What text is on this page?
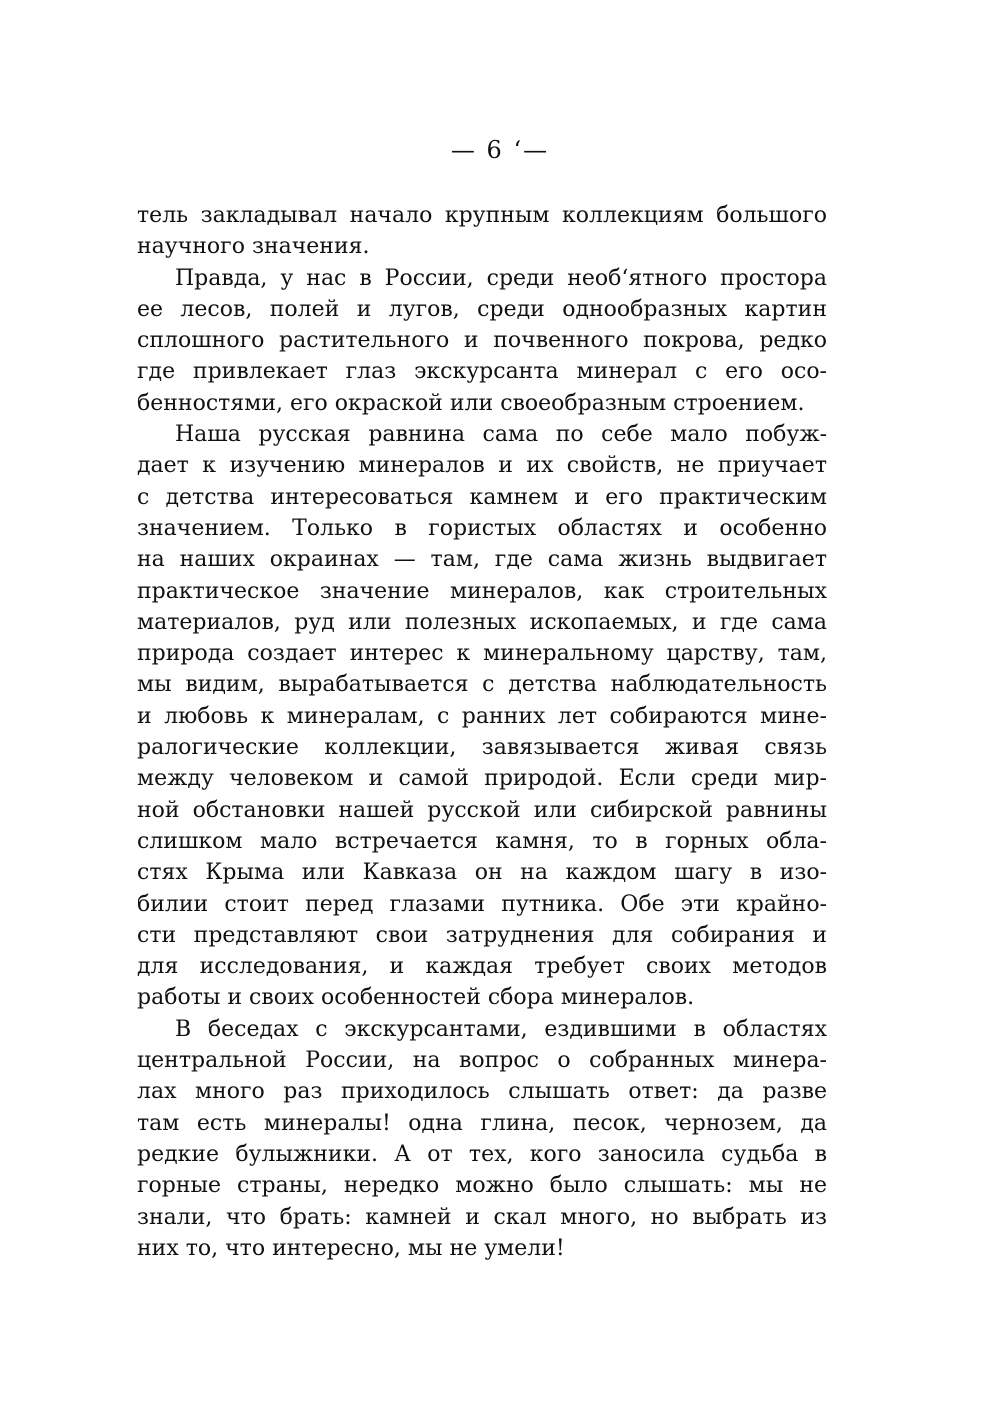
— 6 ‘—
тель закладывал начало крупным коллекциям большого
научного значения.
Правда, у нас в России, среди необ‘ятного простора
ее лесов, полей и лугов, среди однообразных картин
сплошного растительного и почвенного покрова, редко
где привлекает глаз экскурсанта минерал с его осо-
бенностями, его окраской или своеобразным строением.
Наша русская равнина сама по себе мало побуж-
дает к изучению минералов и их свойств, не приучает
с детства интересоваться камнем и его практическим
значением. Только в гористых областях и особенно
на наших окраинах — там, где сама жизнь выдвигает
практическое значение минералов, как строительных
материалов, руд или полезных ископаемых, и где сама
природа создает интерес к минеральному царству, там,
мы видим, вырабатывается с детства наблюдательность
и любовь к минералам, с ранних лет собираются мине-
ралогические коллекции, завязывается живая связь
между человеком и самой природой. Если среди мир-
ной обстановки нашей русской или сибирской равнины
слишком мало встречается камня, то в горных обла-
стях Крыма или Кавказа он на каждом шагу в изо-
билии стоит перед глазами путника. Обе эти крайно-
сти представляют свои затруднения для собирания и
для исследования, и каждая требует своих методов
работы и своих особенностей сбора минералов.
В беседах с экскурсантами, ездившими в областях
центральной России, на вопрос о собранных минера-
лах много раз приходилось слышать ответ: да разве
там есть минералы! одна глина, песок, чернозем, да
редкие булыжники. А от тех, кого заносила судьба в
горные страны, нередко можно было слышать: мы не
знали, что брать: камней и скал много, но выбрать из
них то, что интересно, мы не умели!
